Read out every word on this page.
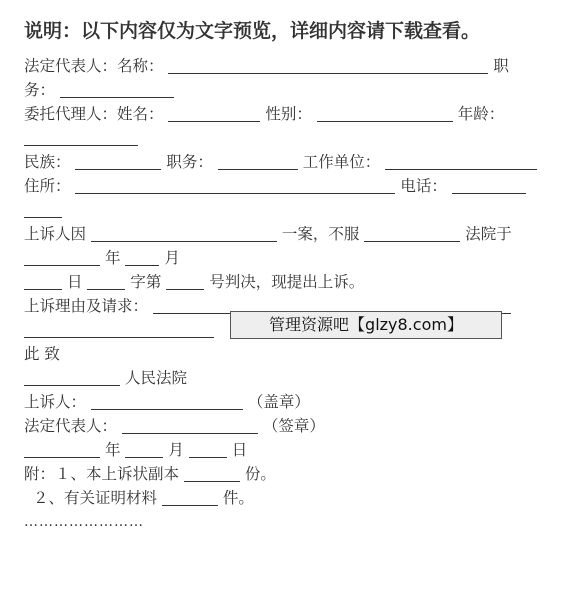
说明：以下内容仅为文字预览，详细内容请下载查看。
法定代表人：名称：	职
务：
委托代理人：姓名：	性别：	年龄：
民族：	职务：	工作单位：
住所：	电话：
上诉人因	一案，不服	法院于
年	月
日	字第	号判决，现提出上诉。
上诉理由及请求：
此 致
人民法院
上诉人：	（盖章）
法定代表人：	（签章）
年	月	日
附：１、本上诉状副本	份。
２、有关证明材料	件。
……………………
管理资源吧【glzy8.com】
